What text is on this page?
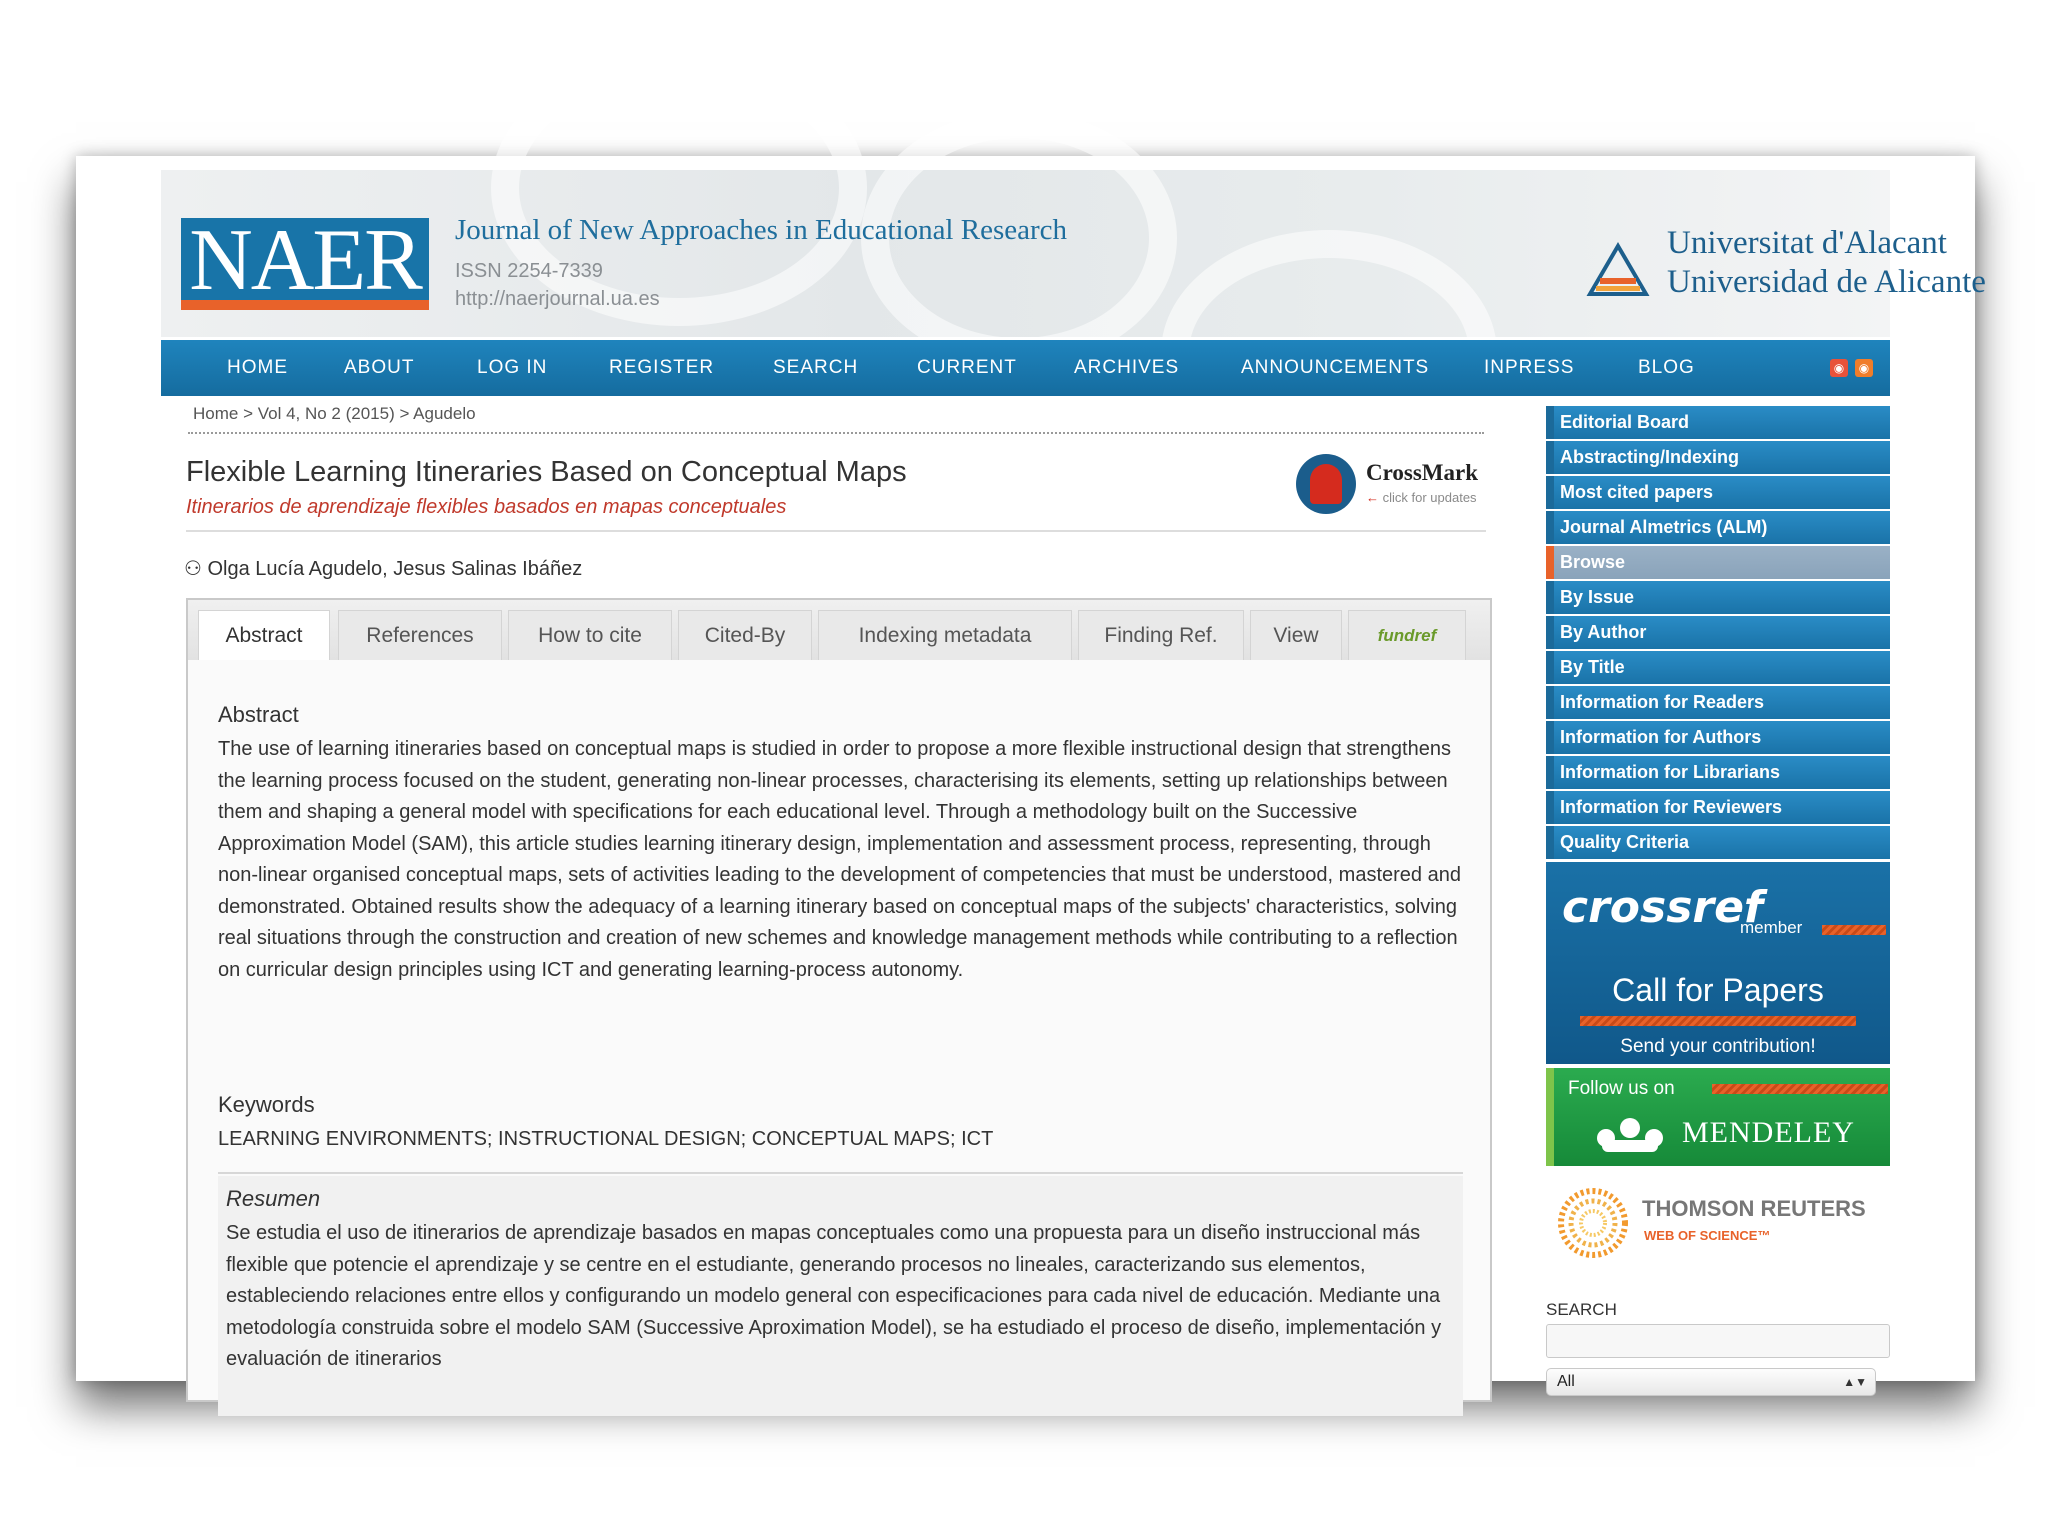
NAER Journal of New Approaches in Educational Research
ISSN 2254-7339
http://naerjournal.ua.es
Universitat d'Alacant
Universidad de Alicante
HOME	ABOUT	LOG IN	REGISTER	SEARCH	CURRENT	ARCHIVES	ANNOUNCEMENTS	INPRESS	BLOG	◉	◉
Home > Vol 4, No 2 (2015) > Agudelo
Flexible Learning Itineraries Based on Conceptual Maps
Itinerarios de aprendizaje flexibles basados en mapas conceptuales
CrossMark
← click for updates
⚇ Olga Lucía Agudelo, Jesus Salinas Ibáñez
Abstract	References	How to cite	Cited-By	Indexing metadata	Finding Ref.	View	fundref
Abstract
The use of learning itineraries based on conceptual maps is studied in order to propose a more flexible instructional design that strengthens the learning process focused on the student, generating non-linear processes, characterising its elements, setting up relationships between them and shaping a general model with specifications for each educational level. Through a methodology built on the Successive Approximation Model (SAM), this article studies learning itinerary design, implementation and assessment process, representing, through non-linear organised conceptual maps, sets of activities leading to the development of competencies that must be understood, mastered and demonstrated. Obtained results show the adequacy of a learning itinerary based on conceptual maps of the subjects' characteristics, solving real situations through the construction and creation of new schemes and knowledge management methods while contributing to a reflection on curricular design principles using ICT and generating learning-process autonomy.
Keywords
LEARNING ENVIRONMENTS; INSTRUCTIONAL DESIGN; CONCEPTUAL MAPS; ICT
Resumen
Se estudia el uso de itinerarios de aprendizaje basados en mapas conceptuales como una propuesta para un diseño instruccional más flexible que potencie el aprendizaje y se centre en el estudiante, generando procesos no lineales, caracterizando sus elementos, estableciendo relaciones entre ellos y configurando un modelo general con especificaciones para cada nivel de educación. Mediante una metodología construida sobre el modelo SAM (Successive Aproximation Model), se ha estudiado el proceso de diseño, implementación y evaluación de itinerarios
Editorial Board
Abstracting/Indexing
Most cited papers
Journal Almetrics (ALM)
Browse
By Issue
By Author
By Title
Information for Readers
Information for Authors
Information for Librarians
Information for Reviewers
Quality Criteria
crossref
member
Call for Papers
Send your contribution!
Follow us on
MENDELEY
THOMSON REUTERS
WEB OF SCIENCE™
SEARCH
All	▲▼
